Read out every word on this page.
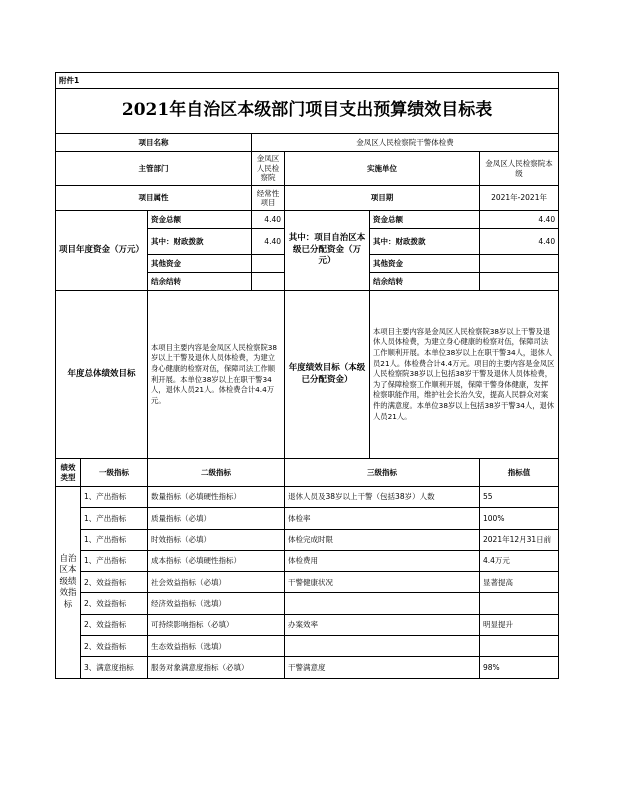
附件1						
2021年自治区本级部门项目支出预算绩效目标表						
项目名称			金凤区人民检察院干警体检费			
主管部门			金凤区人民检察院	实施单位		金凤区人民检察院本级
项目属性			经常性项目	项目期		2021年-2021年
项目年度资金（万元）		资金总额	4.40	其中：项目自治区本级已分配资金（万元）	资金总额	4.40
		其中：财政拨款	4.40		其中：财政拨款	4.40
		其他资金			其他资金	
		结余结转			结余结转	
年度总体绩效目标		本项目主要内容是金凤区人民检察院38岁以上干警及退休人员体检费，为建立身心健康的检察对伍，保障司法工作顺利开展。本单位38岁以上在职干警34人，退休人员21人。体检费合计4.4万元。		年度绩效目标（本级已分配资金）	本项目主要内容是金凤区人民检察院38岁以上干警及退休人员体检费，为建立身心健康的检察对伍，保障司法工作顺利开展。本单位38岁以上在职干警34人，退休人员21人。体检费合计4.4万元。项目的主要内容是金凤区人民检察院38岁以上包括38岁干警及退休人员体检费，为了保障检察工作顺利开展，保障干警身体健康，发挥检察职能作用，维护社会长治久安，提高人民群众对案件的满意度。本单位38岁以上包括38岁干警34人，退休人员21人。	
绩效类型	一级指标	二级指标		三级指标		指标值
自治区本级绩效指标	1、产出指标	数量指标（必填硬性指标）		退休人员及38岁以上干警（包括38岁）人数		55
	1、产出指标	质量指标（必填）		体检率		100%
	1、产出指标	时效指标（必填）		体检完成时限		2021年12月31日前
	1、产出指标	成本指标（必填硬性指标）		体检费用		4.4万元
	2、效益指标	社会效益指标（必填）		干警健康状况		显著提高
	2、效益指标	经济效益指标（选填）				
	2、效益指标	可持续影响指标（必填）		办案效率		明显提升
	2、效益指标	生态效益指标（选填）				
	3、满意度指标	服务对象满意度指标（必填）		干警满意度		98%
